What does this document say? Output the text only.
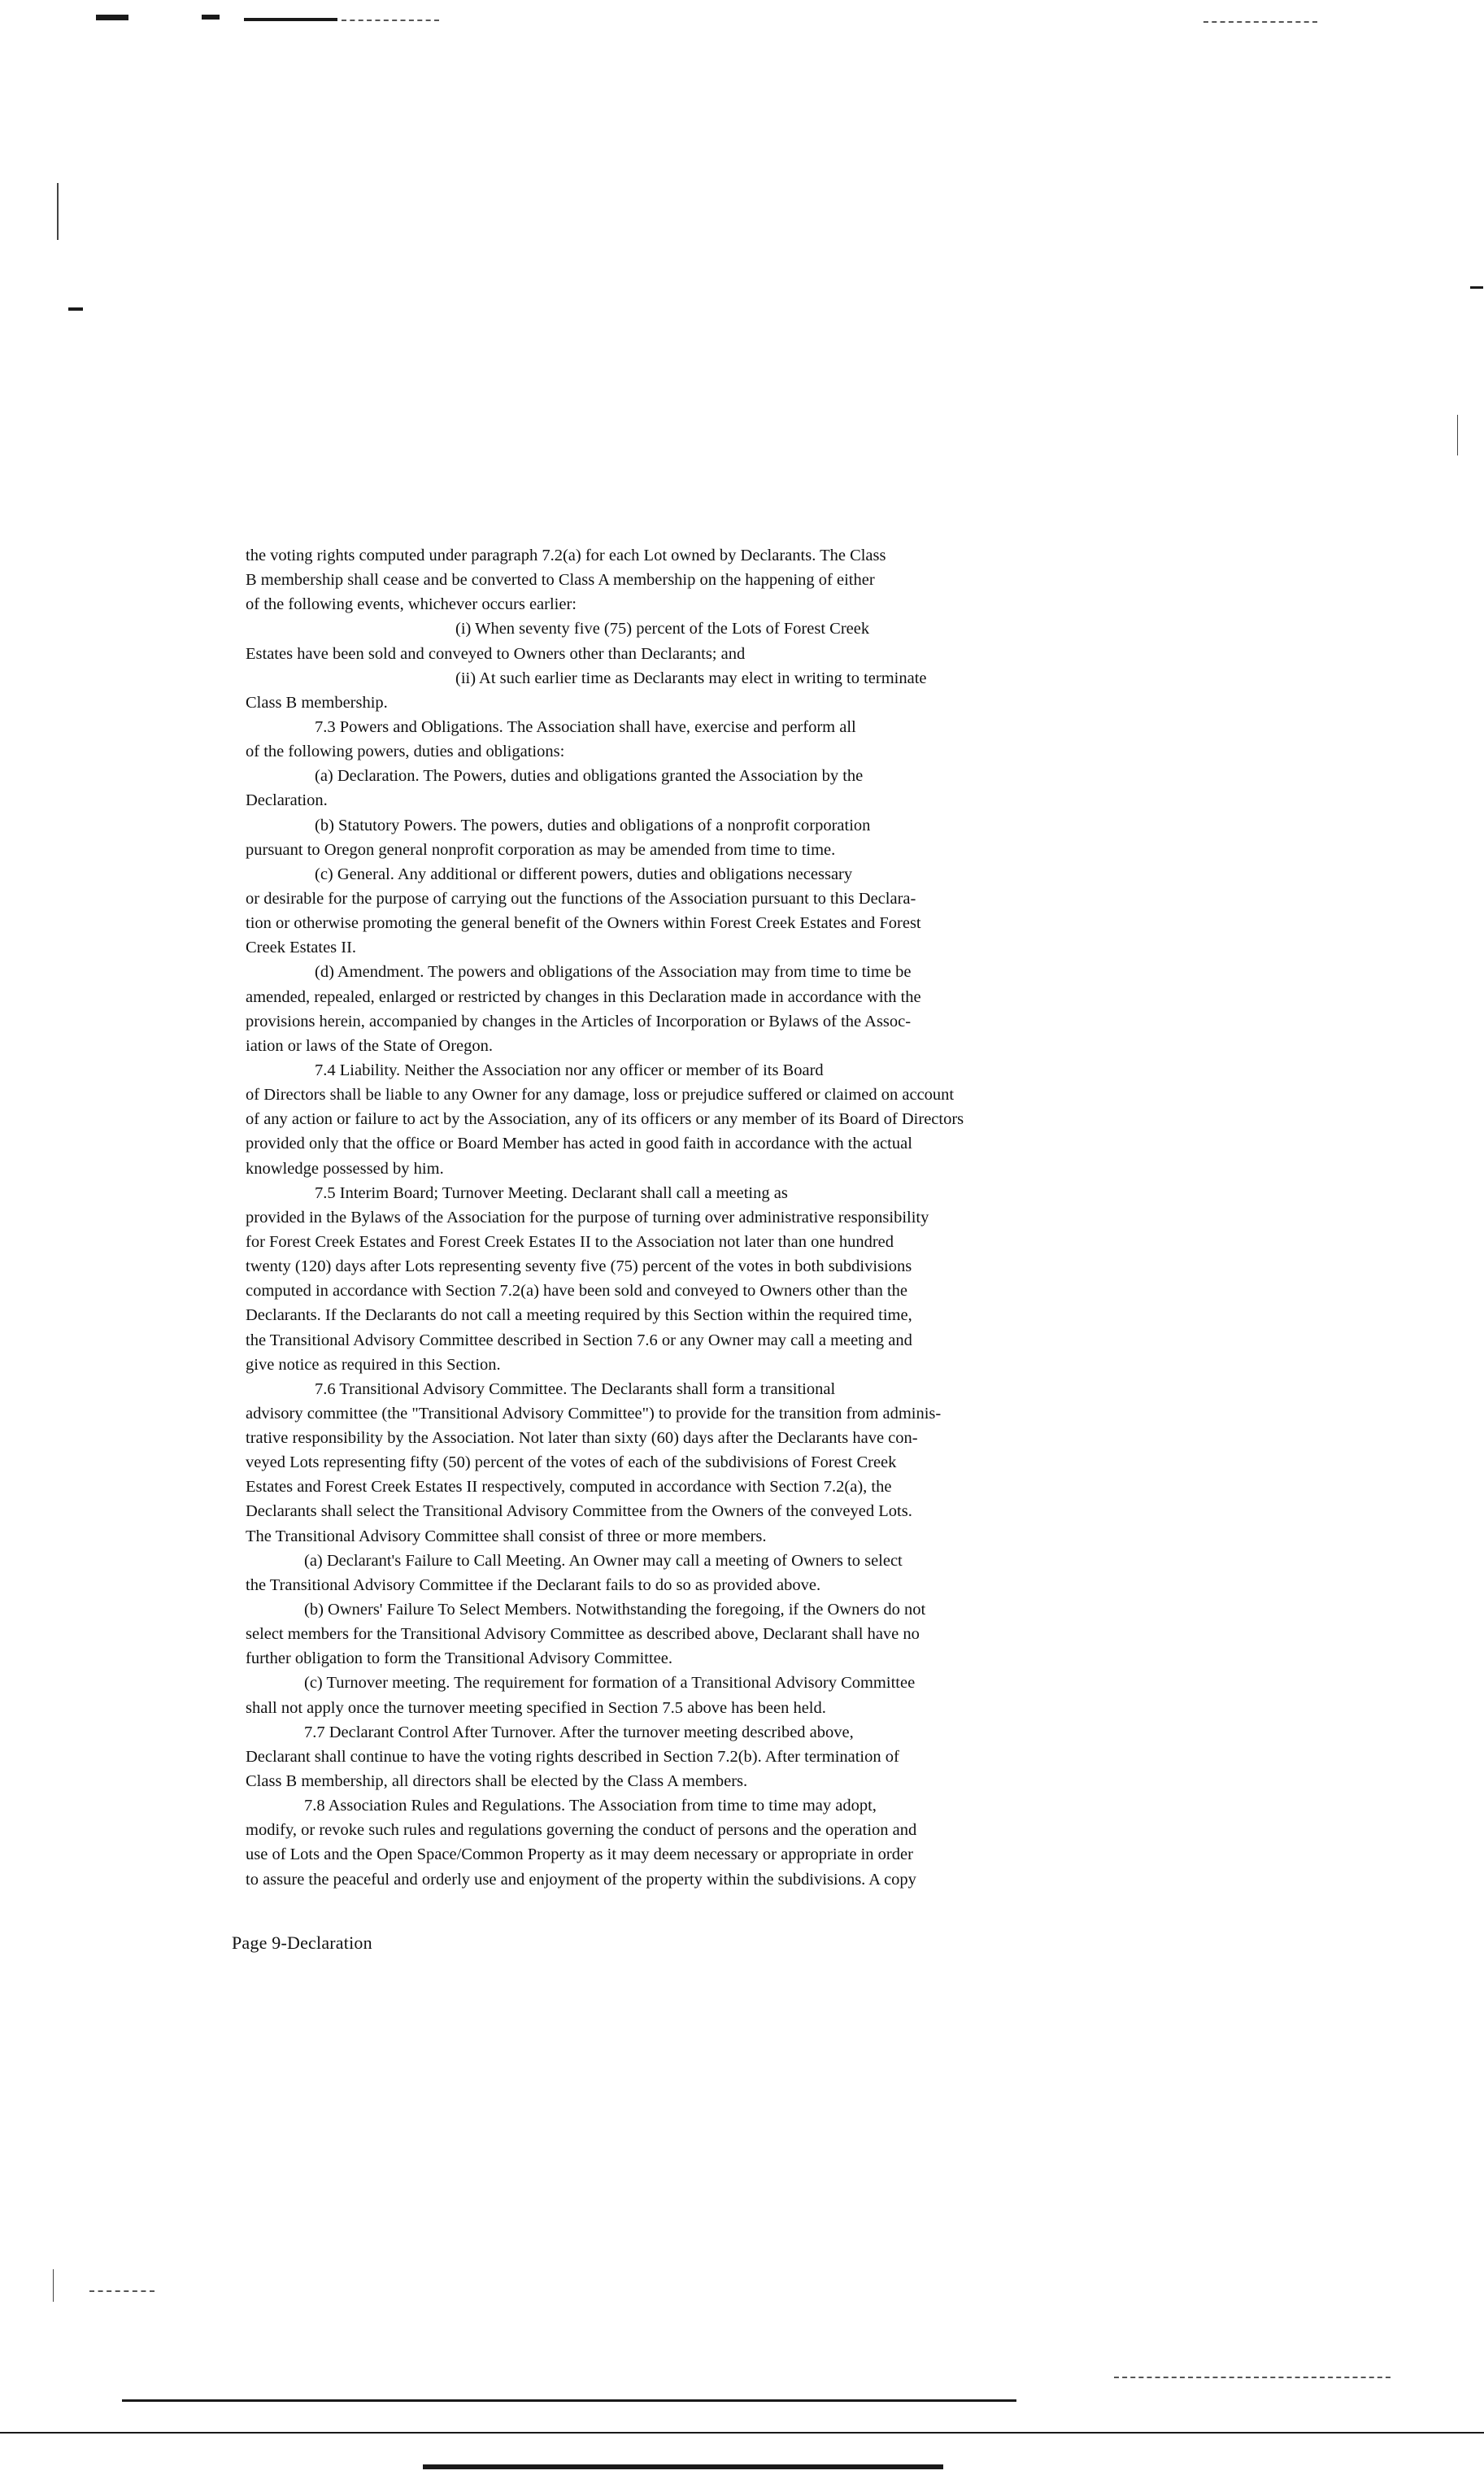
the voting rights computed under paragraph 7.2(a) for each Lot owned by Declarants. The Class
B membership shall cease and be converted to Class A membership on the happening of either
of the following events, whichever occurs earlier:
(i) When seventy five (75) percent of the Lots of Forest Creek
Estates have been sold and conveyed to Owners other than Declarants; and
(ii) At such earlier time as Declarants may elect in writing to terminate
Class B membership.
7.3 Powers and Obligations. The Association shall have, exercise and perform all
of the following powers, duties and obligations:
(a) Declaration. The Powers, duties and obligations granted the Association by the
Declaration.
(b) Statutory Powers. The powers, duties and obligations of a nonprofit corporation
pursuant to Oregon general nonprofit corporation as may be amended from time to time.
(c) General. Any additional or different powers, duties and obligations necessary
or desirable for the purpose of carrying out the functions of the Association pursuant to this Declara-
tion or otherwise promoting the general benefit of the Owners within Forest Creek Estates and Forest
Creek Estates II.
(d) Amendment. The powers and obligations of the Association may from time to time be
amended, repealed, enlarged or restricted by changes in this Declaration made in accordance with the
provisions herein, accompanied by changes in the Articles of Incorporation or Bylaws of the Assoc-
iation or laws of the State of Oregon.
7.4 Liability. Neither the Association nor any officer or member of its Board
of Directors shall be liable to any Owner for any damage, loss or prejudice suffered or claimed on account
of any action or failure to act by the Association, any of its officers or any member of its Board of Directors
provided only that the office or Board Member has acted in good faith in accordance with the actual
knowledge possessed by him.
7.5 Interim Board; Turnover Meeting. Declarant shall call a meeting as
provided in the Bylaws of the Association for the purpose of turning over administrative responsibility
for Forest Creek Estates and Forest Creek Estates II to the Association not later than one hundred
twenty (120) days after Lots representing seventy five (75) percent of the votes in both subdivisions
computed in accordance with Section 7.2(a) have been sold and conveyed to Owners other than the
Declarants. If the Declarants do not call a meeting required by this Section within the required time,
the Transitional Advisory Committee described in Section 7.6 or any Owner may call a meeting and
give notice as required in this Section.
7.6 Transitional Advisory Committee. The Declarants shall form a transitional
advisory committee (the "Transitional Advisory Committee") to provide for the transition from adminis-
trative responsibility by the Association. Not later than sixty (60) days after the Declarants have con-
veyed Lots representing fifty (50) percent of the votes of each of the subdivisions of Forest Creek
Estates and Forest Creek Estates II respectively, computed in accordance with Section 7.2(a), the
Declarants shall select the Transitional Advisory Committee from the Owners of the conveyed Lots.
The Transitional Advisory Committee shall consist of three or more members.
(a) Declarant's Failure to Call Meeting. An Owner may call a meeting of Owners to select
the Transitional Advisory Committee if the Declarant fails to do so as provided above.
(b) Owners' Failure To Select Members. Notwithstanding the foregoing, if the Owners do not
select members for the Transitional Advisory Committee as described above, Declarant shall have no
further obligation to form the Transitional Advisory Committee.
(c) Turnover meeting. The requirement for formation of a Transitional Advisory Committee
shall not apply once the turnover meeting specified in Section 7.5 above has been held.
7.7 Declarant Control After Turnover. After the turnover meeting described above,
Declarant shall continue to have the voting rights described in Section 7.2(b). After termination of
Class B membership, all directors shall be elected by the Class A members.
7.8 Association Rules and Regulations. The Association from time to time may adopt,
modify, or revoke such rules and regulations governing the conduct of persons and the operation and
use of Lots and the Open Space/Common Property as it may deem necessary or appropriate in order
to assure the peaceful and orderly use and enjoyment of the property within the subdivisions. A copy
Page 9-Declaration
